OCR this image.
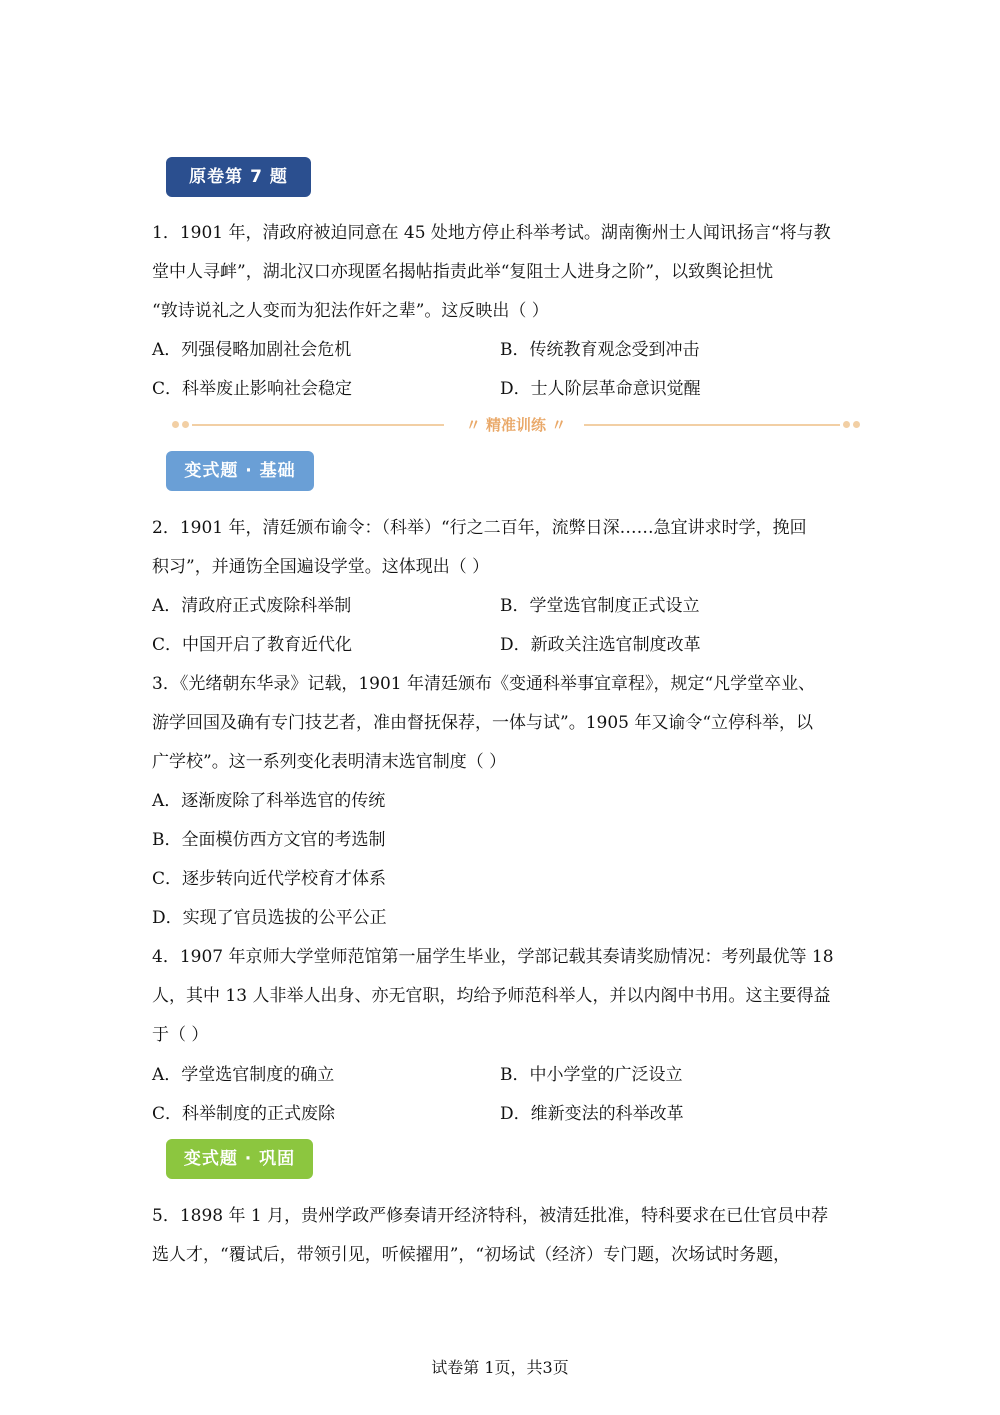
原卷第 7 题
1．1901 年，清政府被迫同意在 45 处地方停止科举考试。湖南衡州士人闻讯扬言“将与教
堂中人寻衅”，湖北汉口亦现匿名揭帖指责此举“复阻士人进身之阶”，以致舆论担忧
“敦诗说礼之人变而为犯法作奸之辈”。这反映出（ ）
A．列强侵略加剧社会危机	B．传统教育观念受到冲击
C．科举废止影响社会稳定	D．士人阶层革命意识觉醒
〃 精准训练 〃
变式题 · 基础
2．1901 年，清廷颁布谕令：（科举）“行之二百年，流弊日深……急宜讲求时学，挽回
积习”，并通饬全国遍设学堂。这体现出（ ）
A．清政府正式废除科举制	B．学堂选官制度正式设立
C．中国开启了教育近代化	D．新政关注选官制度改革
3．《光绪朝东华录》记载，1901 年清廷颁布《变通科举事宜章程》，规定“凡学堂卒业、
游学回国及确有专门技艺者，准由督抚保荐，一体与试”。1905 年又谕令“立停科举，以
广学校”。这一系列变化表明清末选官制度（ ）
A．逐渐废除了科举选官的传统
B．全面模仿西方文官的考选制
C．逐步转向近代学校育才体系
D．实现了官员选拔的公平公正
4．1907 年京师大学堂师范馆第一届学生毕业，学部记载其奏请奖励情况：考列最优等 18
人，其中 13 人非举人出身、亦无官职，均给予师范科举人，并以内阁中书用。这主要得益
于（ ）
A．学堂选官制度的确立	B．中小学堂的广泛设立
C．科举制度的正式废除	D．维新变法的科举改革
变式题 · 巩固
5．1898 年 1 月，贵州学政严修奏请开经济特科，被清廷批准，特科要求在已仕官员中荐
选人才，“覆试后，带领引见，听候擢用”，“初场试（经济）专门题，次场试时务题，
试卷第 1页，共3页
